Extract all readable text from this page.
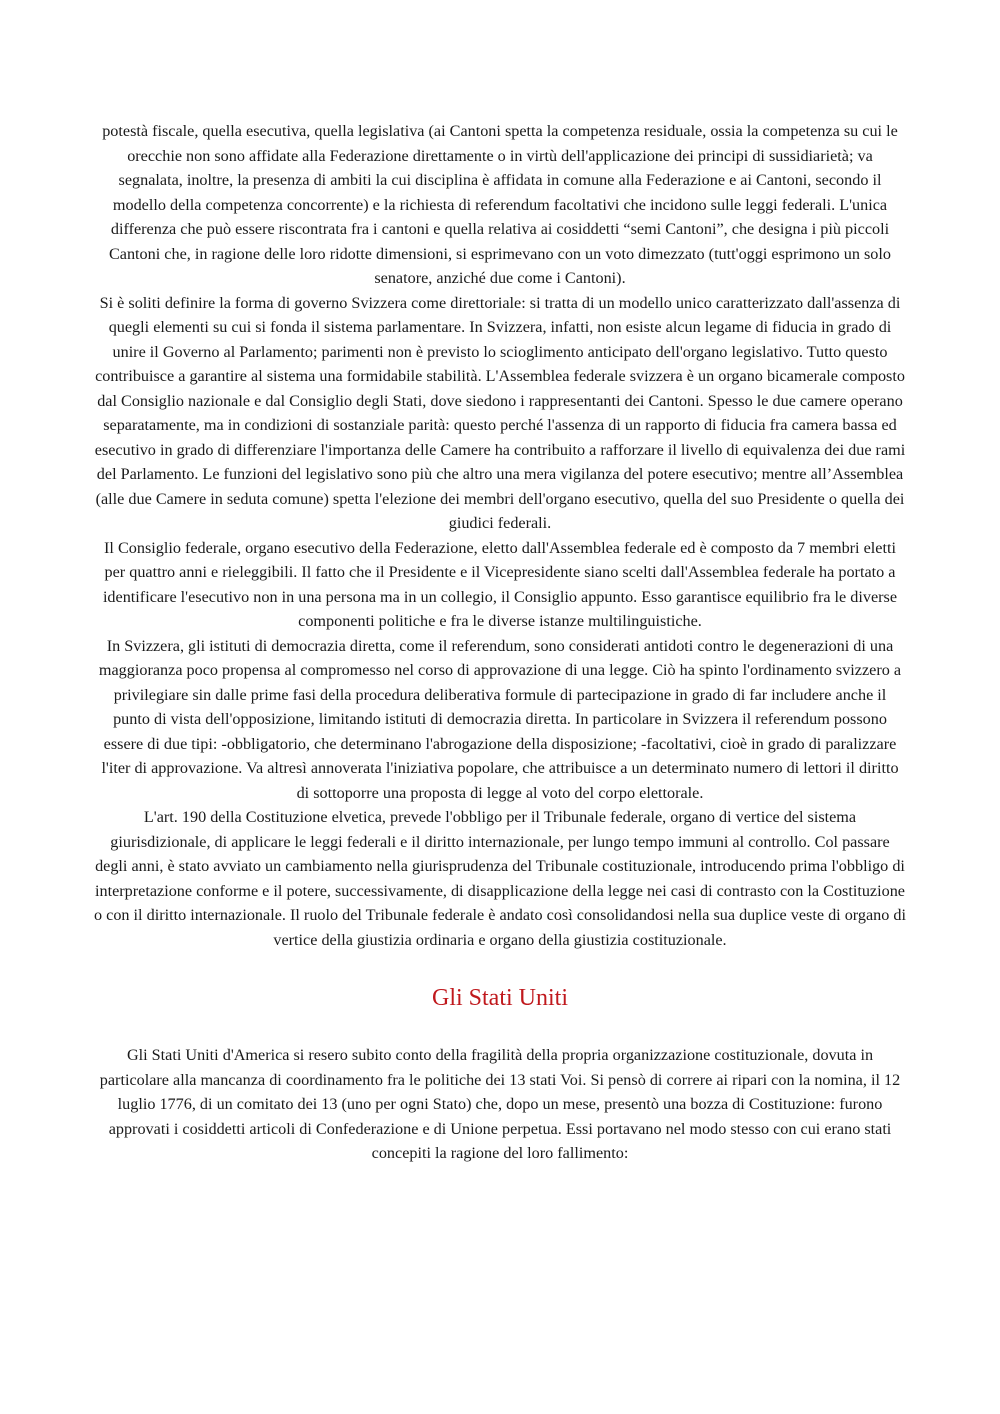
potestà fiscale, quella esecutiva, quella legislativa (ai Cantoni spetta la competenza residuale, ossia la competenza su cui le orecchie non sono affidate alla Federazione direttamente o in virtù dell'applicazione dei principi di sussidiarietà; va segnalata, inoltre, la presenza di ambiti la cui disciplina è affidata in comune alla Federazione e ai Cantoni, secondo il modello della competenza concorrente) e la richiesta di referendum facoltativi che incidono sulle leggi federali. L'unica differenza che può essere riscontrata fra i cantoni e quella relativa ai cosiddetti “semi Cantoni”, che designa i più piccoli Cantoni che, in ragione delle loro ridotte dimensioni, si esprimevano con un voto dimezzato (tutt'oggi esprimono un solo senatore, anziché due come i Cantoni).

Si è soliti definire la forma di governo Svizzera come direttoriale: si tratta di un modello unico caratterizzato dall'assenza di quegli elementi su cui si fonda il sistema parlamentare. In Svizzera, infatti, non esiste alcun legame di fiducia in grado di unire il Governo al Parlamento; parimenti non è previsto lo scioglimento anticipato dell'organo legislativo. Tutto questo contribuisce a garantire al sistema una formidabile stabilità. L'Assemblea federale svizzera è un organo bicamerale composto dal Consiglio nazionale e dal Consiglio degli Stati, dove siedono i rappresentanti dei Cantoni. Spesso le due camere operano separatamente, ma in condizioni di sostanziale parità: questo perché l'assenza di un rapporto di fiducia fra camera bassa ed esecutivo in grado di differenziare l'importanza delle Camere ha contribuito a rafforzare il livello di equivalenza dei due rami del Parlamento. Le funzioni del legislativo sono più che altro una mera vigilanza del potere esecutivo; mentre all’Assemblea (alle due Camere in seduta comune) spetta l'elezione dei membri dell'organo esecutivo, quella del suo Presidente o quella dei giudici federali.

Il Consiglio federale, organo esecutivo della Federazione, eletto dall'Assemblea federale ed è composto da 7 membri eletti per quattro anni e rieleggibili. Il fatto che il Presidente e il Vicepresidente siano scelti dall'Assemblea federale ha portato a identificare l'esecutivo non in una persona ma in un collegio, il Consiglio appunto. Esso garantisce equilibrio fra le diverse componenti politiche e fra le diverse istanze multilinguistiche.

In Svizzera, gli istituti di democrazia diretta, come il referendum, sono considerati antidoti contro le degenerazioni di una maggioranza poco propensa al compromesso nel corso di approvazione di una legge. Ciò ha spinto l'ordinamento svizzero a privilegiare sin dalle prime fasi della procedura deliberativa formule di partecipazione in grado di far includere anche il punto di vista dell'opposizione, limitando istituti di democrazia diretta. In particolare in Svizzera il referendum possono essere di due tipi: -obbligatorio, che determinano l'abrogazione della disposizione; -facoltativi, cioè in grado di paralizzare l'iter di approvazione. Va altresì annoverata l'iniziativa popolare, che attribuisce a un determinato numero di lettori il diritto di sottoporre una proposta di legge al voto del corpo elettorale.

L'art. 190 della Costituzione elvetica, prevede l'obbligo per il Tribunale federale, organo di vertice del sistema giurisdizionale, di applicare le leggi federali e il diritto internazionale, per lungo tempo immuni al controllo. Col passare degli anni, è stato avviato un cambiamento nella giurisprudenza del Tribunale costituzionale, introducendo prima l'obbligo di interpretazione conforme e il potere, successivamente, di disapplicazione della legge nei casi di contrasto con la Costituzione o con il diritto internazionale. Il ruolo del Tribunale federale è andato così consolidandosi nella sua duplice veste di organo di vertice della giustizia ordinaria e organo della giustizia costituzionale.

Gli Stati Uniti

Gli Stati Uniti d'America si resero subito conto della fragilità della propria organizzazione costituzionale, dovuta in particolare alla mancanza di coordinamento fra le politiche dei 13 stati Voi. Si pensò di correre ai ripari con la nomina, il 12 luglio 1776, di un comitato dei 13 (uno per ogni Stato) che, dopo un mese, presentò una bozza di Costituzione: furono approvati i cosiddetti articoli di Confederazione e di Unione perpetua. Essi portavano nel modo stesso con cui erano stati concepiti la ragione del loro fallimento:
